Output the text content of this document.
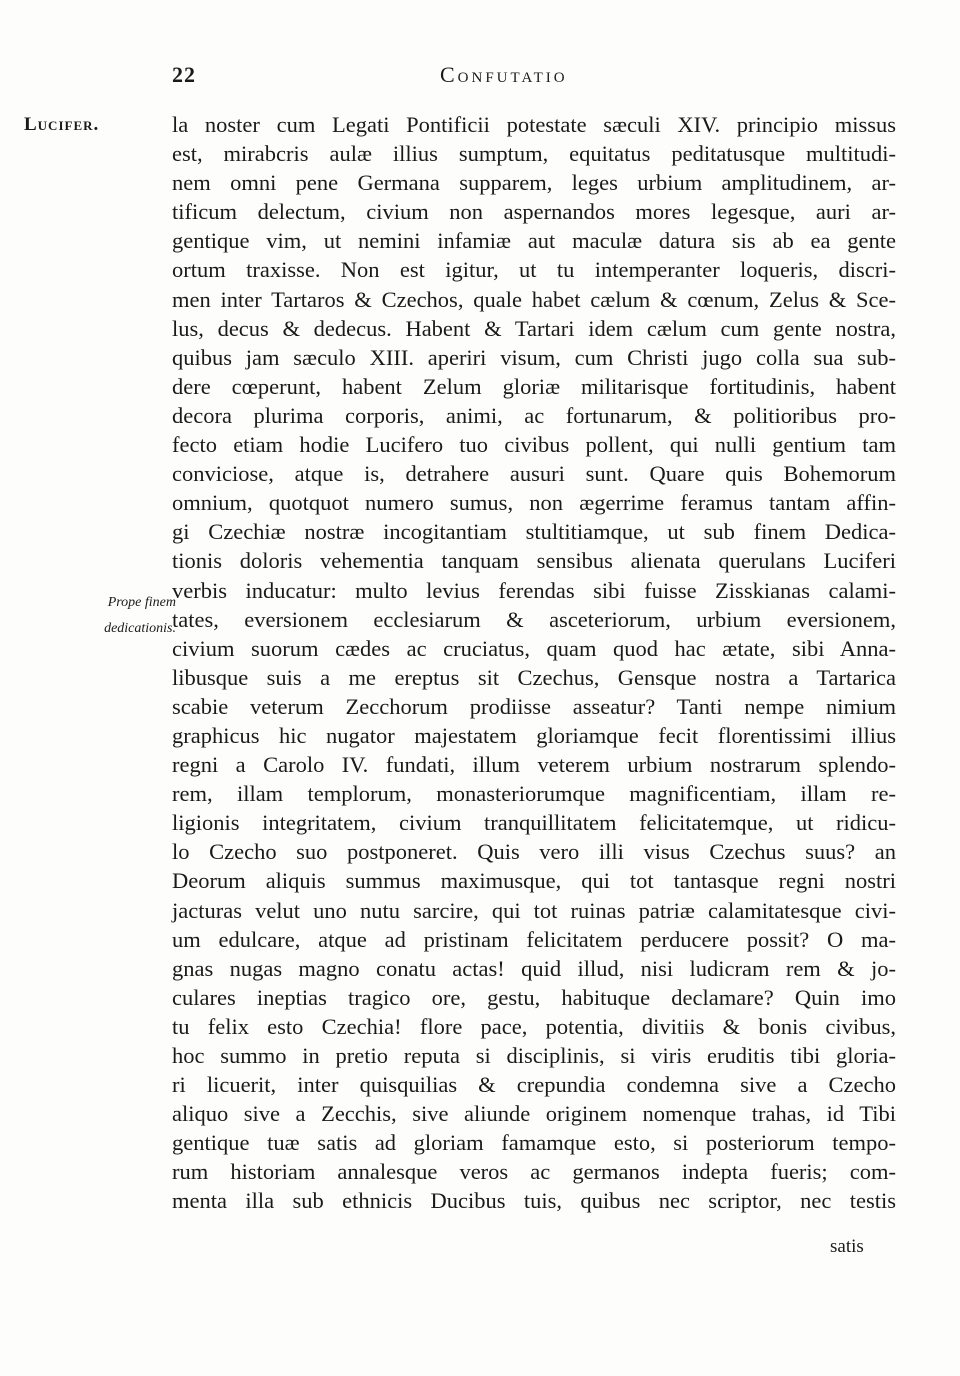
22	Confutatio
Lucifer.
Prope finem
dedicationis.
la noster cum Legati Pontificii potestate sæculi XIV. principio missus
est, mirabcris aulæ illius sumptum, equitatus peditatusque multitudi-
nem omni pene Germana supparem, leges urbium amplitudinem, ar-
tificum delectum, civium non aspernandos mores legesque, auri ar-
gentique vim, ut nemini infamiæ aut maculæ datura sis ab ea gente
ortum traxisse. Non est igitur, ut tu intemperanter loqueris, discri-
men inter Tartaros & Czechos, quale habet cælum & cœnum, Zelus & Sce-
lus, decus & dedecus. Habent & Tartari idem cælum cum gente nostra,
quibus jam sæculo XIII. aperiri visum, cum Christi jugo colla sua sub-
dere cœperunt, habent Zelum gloriæ militarisque fortitudinis, habent
decora plurima corporis, animi, ac fortunarum, & politioribus pro-
fecto etiam hodie Lucifero tuo civibus pollent, qui nulli gentium tam
conviciose, atque is, detrahere ausuri sunt. Quare quis Bohemorum
omnium, quotquot numero sumus, non ægerrime feramus tantam affin-
gi Czechiæ nostræ incogitantiam stultitiamque, ut sub finem Dedica-
tionis doloris vehementia tanquam sensibus alienata querulans Luciferi
verbis inducatur: multo levius ferendas sibi fuisse Zisskianas calami-
tates, eversionem ecclesiarum & asceteriorum, urbium eversionem,
civium suorum cædes ac cruciatus, quam quod hac ætate, sibi Anna-
libusque suis a me ereptus sit Czechus, Gensque nostra a Tartarica
scabie veterum Zecchorum prodiisse asseatur? Tanti nempe nimium
graphicus hic nugator majestatem gloriamque fecit florentissimi illius
regni a Carolo IV. fundati, illum veterem urbium nostrarum splendo-
rem, illam templorum, monasteriorumque magnificentiam, illam re-
ligionis integritatem, civium tranquillitatem felicitatemque, ut ridicu-
lo Czecho suo postponeret. Quis vero illi visus Czechus suus? an
Deorum aliquis summus maximusque, qui tot tantasque regni nostri
jacturas velut uno nutu sarcire, qui tot ruinas patriæ calamitatesque civi-
um edulcare, atque ad pristinam felicitatem perducere possit? O ma-
gnas nugas magno conatu actas! quid illud, nisi ludicram rem & jo-
culares ineptias tragico ore, gestu, habituque declamare? Quin imo
tu felix esto Czechia! flore pace, potentia, divitiis & bonis civibus,
hoc summo in pretio reputa si disciplinis, si viris eruditis tibi gloria-
ri licuerit, inter quisquilias & crepundia condemna sive a Czecho
aliquo sive a Zecchis, sive aliunde originem nomenque trahas, id Tibi
gentique tuæ satis ad gloriam famamque esto, si posteriorum tempo-
rum historiam annalesque veros ac germanos indepta fueris; com-
menta illa sub ethnicis Ducibus tuis, quibus nec scriptor, nec testis
satis
